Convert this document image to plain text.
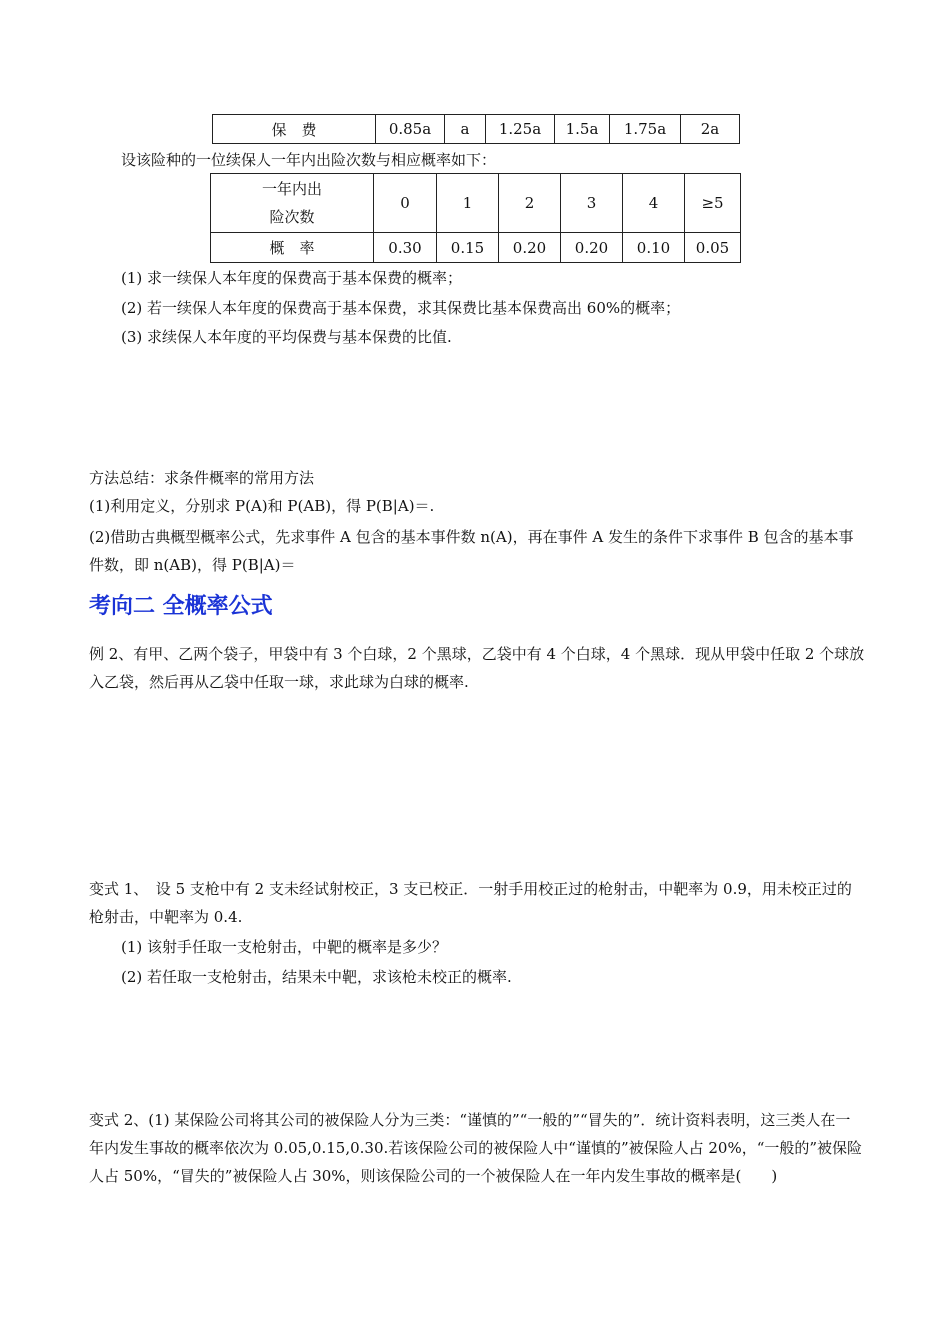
保　费	0.85a	a	1.25a	1.5a	1.75a	2a
设该险种的一位续保人一年内出险次数与相应概率如下：
一年内出
险次数	0	1	2	3	4	≥5
概　率	0.30	0.15	0.20	0.20	0.10	0.05
(1) 求一续保人本年度的保费高于基本保费的概率；
(2) 若一续保人本年度的保费高于基本保费，求其保费比基本保费高出 60%的概率；
(3) 求续保人本年度的平均保费与基本保费的比值.
方法总结：求条件概率的常用方法
(1)利用定义，分别求 P(A)和 P(AB)，得 P(B|A)＝.
(2)借助古典概型概率公式，先求事件 A 包含的基本事件数 n(A)，再在事件 A 发生的条件下求事件 B 包含的基本事件数，即 n(AB)，得 P(B|A)＝
考向二 全概率公式
例 2、有甲、乙两个袋子，甲袋中有 3 个白球，2 个黑球，乙袋中有 4 个白球，4 个黑球．现从甲袋中任取 2 个球放入乙袋，然后再从乙袋中任取一球，求此球为白球的概率.
变式 1、　设 5 支枪中有 2 支未经试射校正，3 支已校正．一射手用校正过的枪射击，中靶率为 0.9，用未校正过的枪射击，中靶率为 0.4.
(1) 该射手任取一支枪射击，中靶的概率是多少？
(2) 若任取一支枪射击，结果未中靶，求该枪未校正的概率.
变式 2、(1) 某保险公司将其公司的被保险人分为三类：“谨慎的”“一般的”“冒失的”．统计资料表明，这三类人在一年内发生事故的概率依次为 0.05,0.15,0.30.若该保险公司的被保险人中“谨慎的”被保险人占 20%，“一般的”被保险人占 50%，“冒失的”被保险人占 30%，则该保险公司的一个被保险人在一年内发生事故的概率是(　　)
